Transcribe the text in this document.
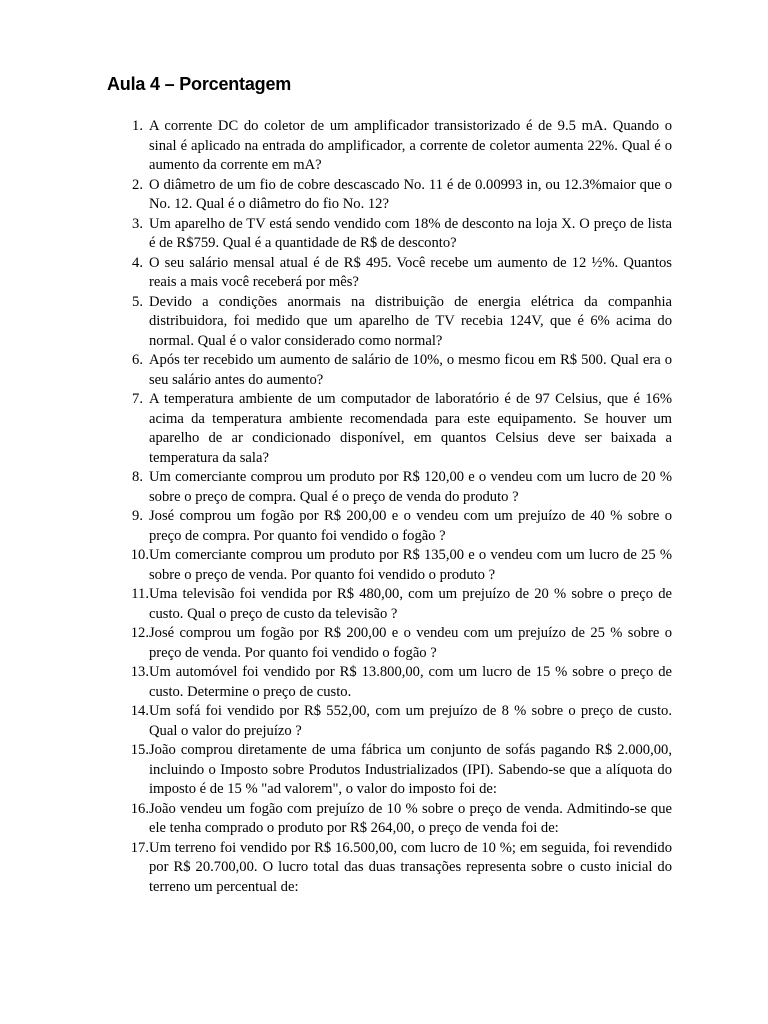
Aula 4 – Porcentagem
1. A corrente DC do coletor de um amplificador transistorizado é de 9.5 mA. Quando o sinal é aplicado na entrada do amplificador, a corrente de coletor aumenta 22%. Qual é o aumento da corrente em mA?
2. O diâmetro de um fio de cobre descascado No. 11 é de 0.00993 in, ou 12.3%maior que o No. 12. Qual é o diâmetro do fio No. 12?
3. Um aparelho de TV está sendo vendido com 18% de desconto na loja X. O preço de lista é de R$759. Qual é a quantidade de R$ de desconto?
4. O seu salário mensal atual é de R$ 495. Você recebe um aumento de 12 ½%. Quantos reais a mais você receberá por mês?
5. Devido a condições anormais na distribuição de energia elétrica da companhia distribuidora, foi medido que um aparelho de TV recebia 124V, que é 6% acima do normal. Qual é o valor considerado como normal?
6. Após ter recebido um aumento de salário de 10%, o mesmo ficou em R$ 500. Qual era o seu salário antes do aumento?
7. A temperatura ambiente de um computador de laboratório é de 97 Celsius, que é 16% acima da temperatura ambiente recomendada para este equipamento. Se houver um aparelho de ar condicionado disponível, em quantos Celsius deve ser baixada a temperatura da sala?
8. Um comerciante comprou um produto por R$ 120,00 e o vendeu com um lucro de 20 % sobre o preço de compra. Qual é o preço de venda do produto ?
9. José comprou um fogão por R$ 200,00 e o vendeu com um prejuízo de 40 % sobre o preço de compra. Por quanto foi vendido o fogão ?
10. Um comerciante comprou um produto por R$ 135,00 e o vendeu com um lucro de 25 % sobre o preço de venda. Por quanto foi vendido o produto ?
11. Uma televisão foi vendida por R$ 480,00, com um prejuízo de 20 % sobre o preço de custo. Qual o preço de custo da televisão ?
12. José comprou um fogão por R$ 200,00 e o vendeu com um prejuízo de 25 % sobre o preço de venda. Por quanto foi vendido o fogão ?
13. Um automóvel foi vendido por R$ 13.800,00, com um lucro de 15 % sobre o preço de custo. Determine o preço de custo.
14. Um sofá foi vendido por R$ 552,00, com um prejuízo de 8 % sobre o preço de custo. Qual o valor do prejuízo ?
15. João comprou diretamente de uma fábrica um conjunto de sofás pagando R$ 2.000,00, incluindo o Imposto sobre Produtos Industrializados (IPI). Sabendo-se que a alíquota do imposto é de 15 % "ad valorem", o valor do imposto foi de:
16. João vendeu um fogão com prejuízo de 10 % sobre o preço de venda. Admitindo-se que ele tenha comprado o produto por R$ 264,00, o preço de venda foi de:
17. Um terreno foi vendido por R$ 16.500,00, com lucro de 10 %; em seguida, foi revendido por R$ 20.700,00. O lucro total das duas transações representa sobre o custo inicial do terreno um percentual de:
